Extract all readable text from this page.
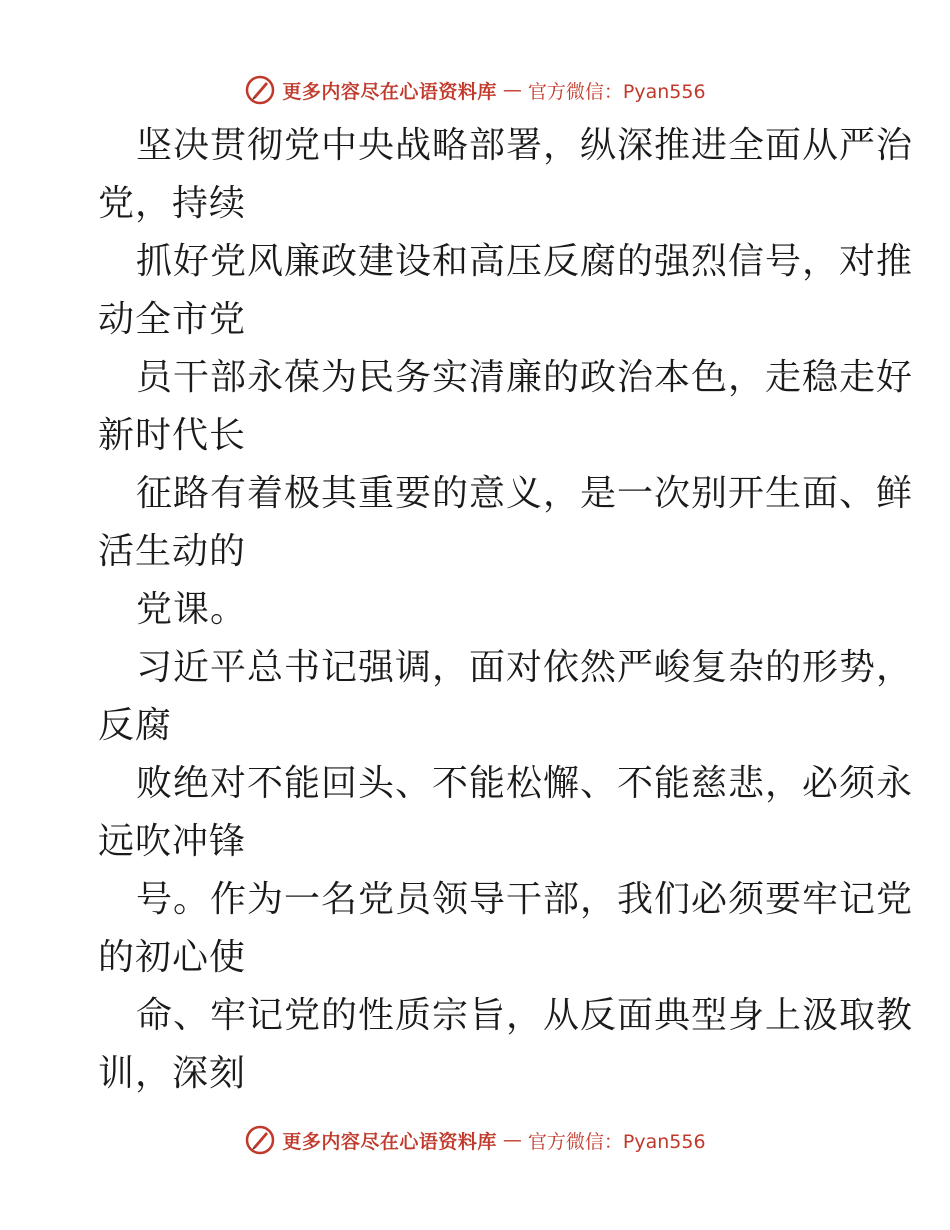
更多内容尽在心语资料库 — 官方微信：Pyan556
坚决贯彻党中央战略部署，纵深推进全面从严治
党，持续
抓好党风廉政建设和高压反腐的强烈信号，对推
动全市党
员干部永葆为民务实清廉的政治本色，走稳走好
新时代长
征路有着极其重要的意义，是一次别开生面、鲜
活生动的
党课。
习近平总书记强调，面对依然严峻复杂的形势，
反腐
败绝对不能回头、不能松懈、不能慈悲，必须永
远吹冲锋
号。作为一名党员领导干部，我们必须要牢记党
的初心使
命、牢记党的性质宗旨，从反面典型身上汲取教
训，深刻
更多内容尽在心语资料库 — 官方微信：Pyan556
